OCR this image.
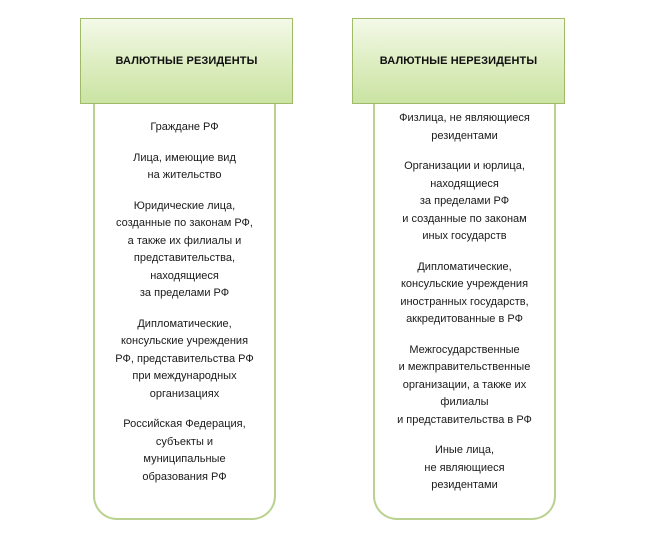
ВАЛЮТНЫЕ РЕЗИДЕНТЫ
Граждане РФ
Лица, имеющие вид
на жительство
Юридические лица,
созданные по законам РФ,
а также их филиалы и
представительства,
находящиеся
за пределами РФ
Дипломатические,
консульские учреждения
РФ, представительства РФ
при международных
организациях
Российская Федерация,
субъекты и
муниципальные
образования РФ
ВАЛЮТНЫЕ НЕРЕЗИДЕНТЫ
Физлица, не являющиеся
резидентами
Организации и юрлица,
находящиеся
за пределами РФ
и созданные по законам
иных государств
Дипломатические,
консульские учреждения
иностранных государств,
аккредитованные в РФ
Межгосударственные
и межправительственные
организации, а также их
филиалы
и представительства в РФ
Иные лица,
не являющиеся
резидентами
